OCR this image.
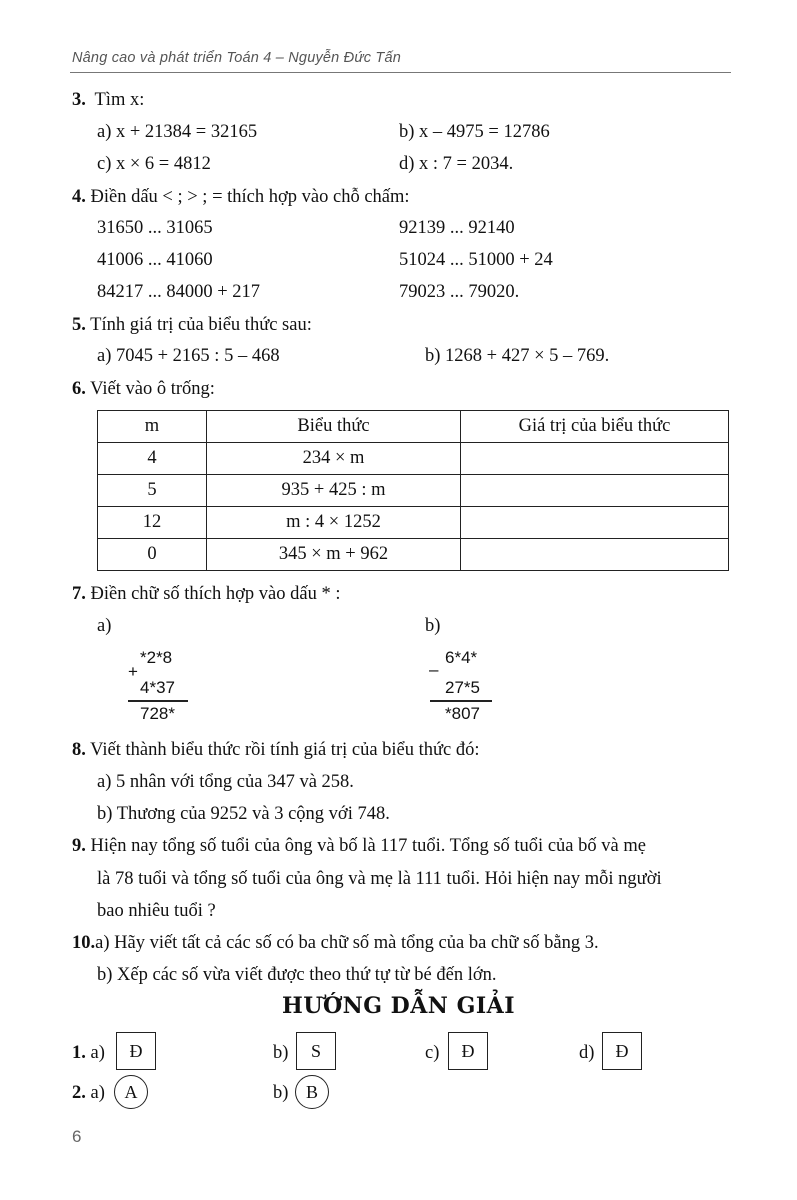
Nâng cao và phát triển Toán 4 – Nguyễn Đức Tấn
3. Tìm x:
a) x + 21384 = 32165	b) x – 4975 = 12786
c) x × 6 = 4812	d) x : 7 = 2034.
4. Điền dấu < ; > ; = thích hợp vào chỗ chấm:
31650 ... 31065	92139 ... 92140
41006 ... 41060	51024 ... 51000 + 24
84217 ... 84000 + 217	79023 ... 79020.
5. Tính giá trị của biểu thức sau:
a) 7045 + 2165 : 5 – 468	b) 1268 + 427 × 5 – 769.
6. Viết vào ô trống:
m	Biểu thức	Giá trị của biểu thức
4	234 × m	
5	935 + 425 : m	
12	m : 4 × 1252	
0	345 × m + 962	
7. Điền chữ số thích hợp vào dấu * :
a)	b)
+
*2*8
4*37
728*
–
6*4*
27*5
*807
8. Viết thành biểu thức rồi tính giá trị của biểu thức đó:
a) 5 nhân với tổng của 347 và 258.
b) Thương của 9252 và 3 cộng với 748.
9. Hiện nay tổng số tuổi của ông và bố là 117 tuổi. Tổng số tuổi của bố và mẹ
là 78 tuổi và tổng số tuổi của ông và mẹ là 111 tuổi. Hỏi hiện nay mỗi người
bao nhiêu tuổi ?
10.a) Hãy viết tất cả các số có ba chữ số mà tổng của ba chữ số bằng 3.
b) Xếp các số vừa viết được theo thứ tự từ bé đến lớn.
HƯỚNG DẪN GIẢI
1. a)	Đ	b)	S	c)	Đ	d)	Đ
2. a)	A	b) B
6
